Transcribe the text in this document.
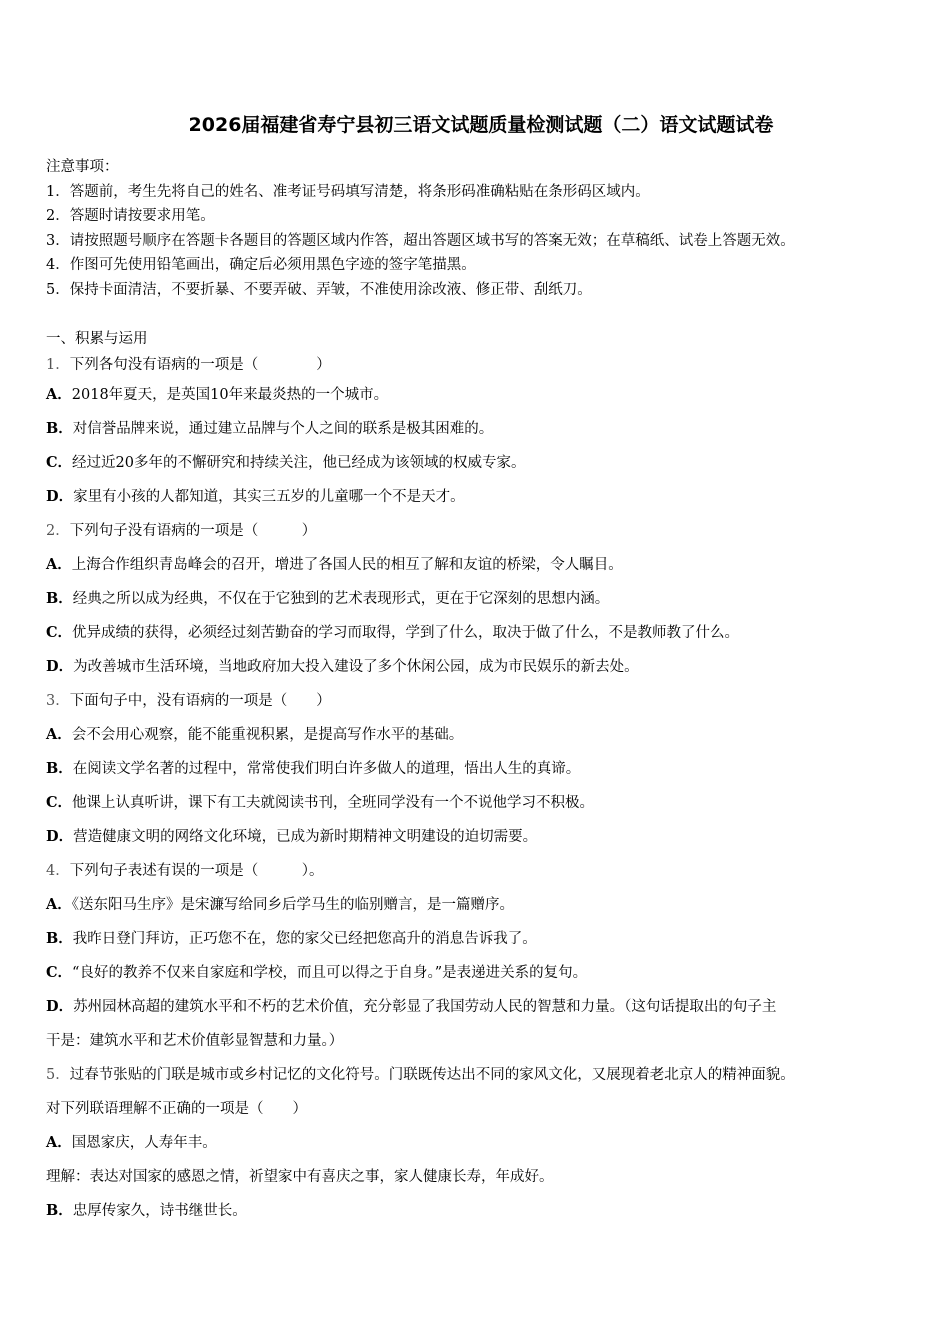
2026届福建省寿宁县初三语文试题质量检测试题（二）语文试题试卷
注意事项：
1．答题前，考生先将自己的姓名、准考证号码填写清楚，将条形码准确粘贴在条形码区域内。
2．答题时请按要求用笔。
3．请按照题号顺序在答题卡各题目的答题区域内作答，超出答题区域书写的答案无效；在草稿纸、试卷上答题无效。
4．作图可先使用铅笔画出，确定后必须用黑色字迹的签字笔描黑。
5．保持卡面清洁，不要折暴、不要弄破、弄皱，不准使用涂改液、修正带、刮纸刀。
一、积累与运用
1．下列各句没有语病的一项是（　　　　）
A．2018年夏天，是英国10年来最炎热的一个城市。
B．对信誉品牌来说，通过建立品牌与个人之间的联系是极其困难的。
C．经过近20多年的不懈研究和持续关注，他已经成为该领域的权威专家。
D．家里有小孩的人都知道，其实三五岁的儿童哪一个不是天才。
2．下列句子没有语病的一项是（　　　）
A．上海合作组织青岛峰会的召开，增进了各国人民的相互了解和友谊的桥梁，令人瞩目。
B．经典之所以成为经典，不仅在于它独到的艺术表现形式，更在于它深刻的思想内涵。
C．优异成绩的获得，必须经过刻苦勤奋的学习而取得，学到了什么，取决于做了什么，不是教师教了什么。
D．为改善城市生活环境，当地政府加大投入建设了多个休闲公园，成为市民娱乐的新去处。
3．下面句子中，没有语病的一项是（　　）
A．会不会用心观察，能不能重视积累，是提高写作水平的基础。
B．在阅读文学名著的过程中，常常使我们明白许多做人的道理，悟出人生的真谛。
C．他课上认真听讲，课下有工夫就阅读书刊，全班同学没有一个不说他学习不积极。
D．营造健康文明的网络文化环境，已成为新时期精神文明建设的迫切需要。
4．下列句子表述有误的一项是（　　　）。
A．《送东阳马生序》是宋濂写给同乡后学马生的临别赠言，是一篇赠序。
B．我昨日登门拜访，正巧您不在，您的家父已经把您高升的消息告诉我了。
C．“良好的教养不仅来自家庭和学校，而且可以得之于自身。”是表递进关系的复句。
D．苏州园林高超的建筑水平和不朽的艺术价值，充分彰显了我国劳动人民的智慧和力量。（这句话提取出的句子主
干是：建筑水平和艺术价值彰显智慧和力量。）
5．过春节张贴的门联是城市或乡村记忆的文化符号。门联既传达出不同的家风文化，又展现着老北京人的精神面貌。
对下列联语理解不正确的一项是（　　）
A．国恩家庆，人寿年丰。
理解：表达对国家的感恩之情，祈望家中有喜庆之事，家人健康长寿，年成好。
B．忠厚传家久，诗书继世长。
